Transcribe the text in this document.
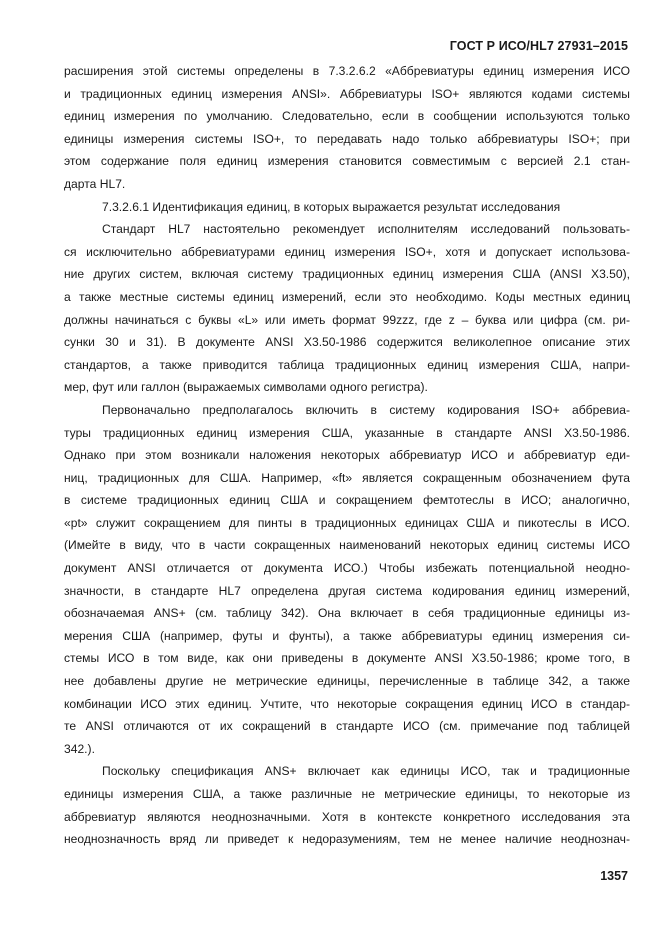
ГОСТ Р ИСО/HL7 27931–2015
расширения этой системы определены в 7.3.2.6.2 «Аббревиатуры единиц измерения ИСО
и традиционных единиц измерения ANSI». Аббревиатуры ISO+ являются кодами системы
единиц измерения по умолчанию. Следовательно, если в сообщении используются только
единицы измерения системы ISO+, то передавать надо только аббревиатуры ISO+; при
этом содержание поля единиц измерения становится совместимым с версией 2.1 стан-
дарта HL7.
7.3.2.6.1 Идентификация единиц, в которых выражается результат исследования
Стандарт HL7 настоятельно рекомендует исполнителям исследований пользовать-
ся исключительно аббревиатурами единиц измерения ISO+, хотя и допускает использова-
ние других систем, включая систему традиционных единиц измерения США (ANSI X3.50),
а также местные системы единиц измерений, если это необходимо. Коды местных единиц
должны начинаться с буквы «L» или иметь формат 99zzz, где z – буква или цифра (см. ри-
сунки 30 и 31). В документе ANSI X3.50-1986 содержится великолепное описание этих
стандартов, а также приводится таблица традиционных единиц измерения США, напри-
мер, фут или галлон (выражаемых символами одного регистра).
Первоначально предполагалось включить в систему кодирования ISO+ аббревиа-
туры традиционных единиц измерения США, указанные в стандарте ANSI X3.50-1986.
Однако при этом возникали наложения некоторых аббревиатур ИСО и аббревиатур еди-
ниц, традиционных для США. Например, «ft» является сокращенным обозначением фута
в системе традиционных единиц США и сокращением фемтотеслы в ИСО; аналогично,
«pt» служит сокращением для пинты в традиционных единицах США и пикотеслы в ИСО.
(Имейте в виду, что в части сокращенных наименований некоторых единиц системы ИСО
документ ANSI отличается от документа ИСО.) Чтобы избежать потенциальной неодно-
значности, в стандарте HL7 определена другая система кодирования единиц измерений,
обозначаемая ANS+ (см. таблицу 342). Она включает в себя традиционные единицы из-
мерения США (например, футы и фунты), а также аббревиатуры единиц измерения си-
стемы ИСО в том виде, как они приведены в документе ANSI X3.50-1986; кроме того, в
нее добавлены другие не метрические единицы, перечисленные в таблице 342, а также
комбинации ИСО этих единиц. Учтите, что некоторые сокращения единиц ИСО в стандар-
те ANSI отличаются от их сокращений в стандарте ИСО (см. примечание под таблицей
342.).
Поскольку спецификация ANS+ включает как единицы ИСО, так и традиционные
единицы измерения США, а также различные не метрические единицы, то некоторые из
аббревиатур являются неоднозначными. Хотя в контексте конкретного исследования эта
неоднозначность вряд ли приведет к недоразумениям, тем не менее наличие неоднознач-
1357
